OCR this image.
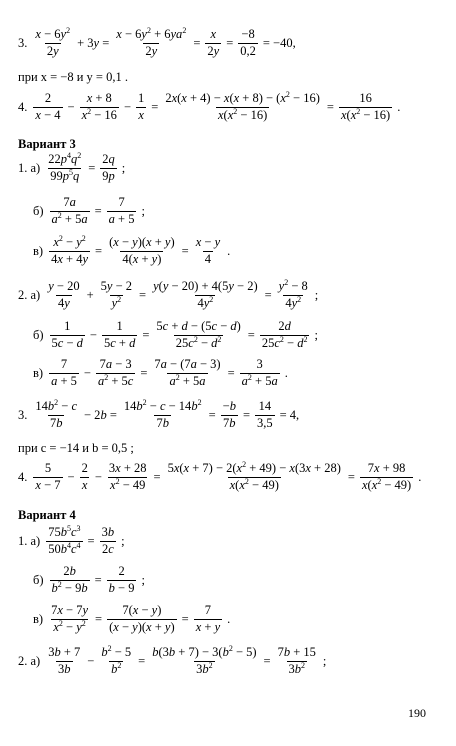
3. $\frac{x - 6y^2}{2y} + 3y = \frac{x - 6y^2 + 6ya^2}{2y} = \frac{x}{2y} = \frac{-8}{0,2} = -40$,
при x = −8 и y = 0,1 .
4. $\frac{2}{x - 4} - \frac{x + 8}{x^2 - 16} - \frac{1}{x} = \frac{2x(x + 4) - x(x + 8) - (x^2 - 16)}{x(x^2 - 16)} = \frac{16}{x(x^2 - 16)}$ .
Вариант 3
1. $а) \frac{22p^4q^2}{99p^5q} = \frac{2q}{9p}$ ;
$б) \frac{7a}{a^2 + 5a} = \frac{7}{a + 5}$ ;
$в) \frac{x^2 - y^2}{4x + 4y} = \frac{(x - y)(x + y)}{4(x + y)} = \frac{x - y}{4}$ .
2. $а) \frac{y - 20}{4y} + \frac{5y - 2}{y^2} = \frac{y(y - 20) + 4(5y - 2)}{4y^2} = \frac{y^2 - 8}{4y^2}$ ;
$б) \frac{1}{5c - d} - \frac{1}{5c + d} = \frac{5c + d - (5c - d)}{25c^2 - d^2} = \frac{2d}{25c^2 - d^2}$ ;
$в) \frac{7}{a + 5} - \frac{7a - 3}{a^2 + 5c} = \frac{7a - (7a - 3)}{a^2 + 5a} = \frac{3}{a^2 + 5a}$ .
3. $\frac{14b^2 - c}{7b} - 2b = \frac{14b^2 - c - 14b^2}{7b} = \frac{-b}{7b} = \frac{14}{3,5} = 4$,
при c = −14 и b = 0,5 ;
4. $\frac{5}{x - 7} - \frac{2}{x} - \frac{3x + 28}{x^2 - 49} = \frac{5x(x + 7) - 2(x^2 + 49) - x(3x + 28)}{x(x^2 - 49)} = \frac{7x + 98}{x(x^2 - 49)}$ .
Вариант 4
1. $а) \frac{75b^5c^3}{50b^4c^4} = \frac{3b}{2c}$ ;
$б) \frac{2b}{b^2 - 9b} = \frac{2}{b - 9}$ ;
$в) \frac{7x - 7y}{x^2 - y^2} = \frac{7(x - y)}{(x - y)(x + y)} = \frac{7}{x + y}$ .
2. $а) \frac{3b + 7}{3b} - \frac{b^2 - 5}{b^2} = \frac{b(3b + 7) - 3(b^2 - 5)}{3b^2} = \frac{7b + 15}{3b^2}$ ;
190
